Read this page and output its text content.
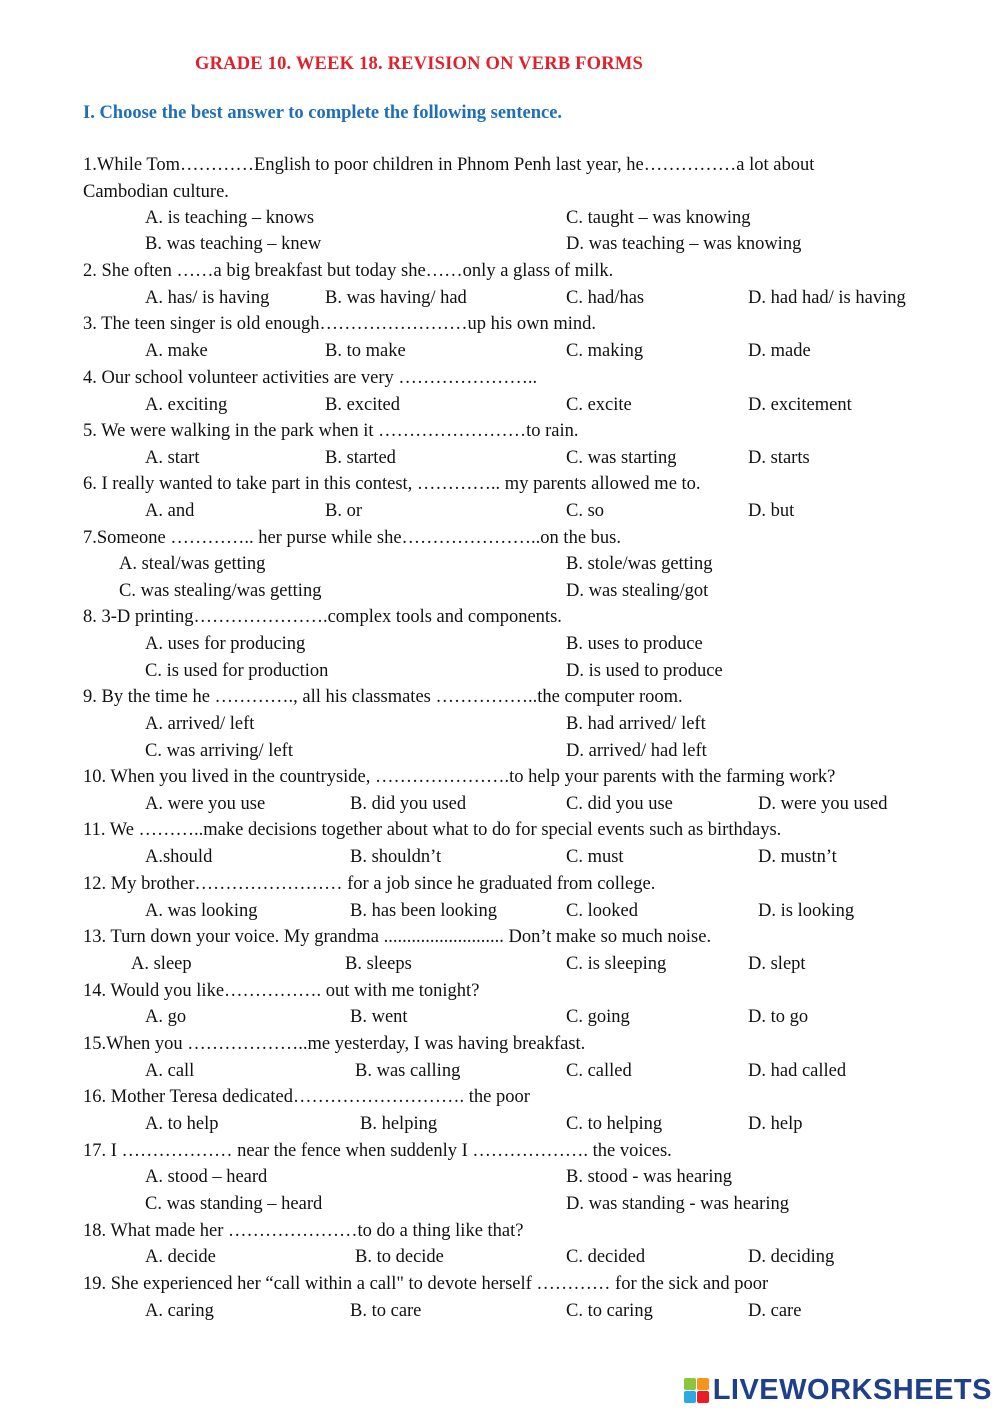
GRADE 10. WEEK 18. REVISION ON VERB FORMS
I. Choose the best answer to complete the following sentence.
1.While Tom…………English to poor children in Phnom Penh last year, he……………a lot about
Cambodian culture.
A. is teaching – knows	C. taught – was knowing
B. was teaching – knew	D. was teaching – was knowing
2. She often ……a big breakfast but today she……only a glass of milk.
A. has/ is having	B. was having/ had	C. had/has	D. had had/ is having
3. The teen singer is old enough……………………up his own mind.
A. make	B. to make	C. making	D. made
4. Our school volunteer activities are very …………………..
A. exciting	B. excited	C. excite	D. excitement
5. We were walking in the park when it ……………………to rain.
A. start	B. started	C. was starting	D. starts
6. I really wanted to take part in this contest, ………….. my parents allowed me to.
A. and	B. or	C. so	D. but
7.Someone ………….. her purse while she…………………..on the bus.
A. steal/was getting	B. stole/was getting
C. was stealing/was getting	D. was stealing/got
8. 3-D printing………………….complex tools and components.
A. uses for producing	B. uses to produce
C. is used for production	D. is used to produce
9. By the time he …………., all his classmates ……………..the computer room.
A. arrived/ left	B. had arrived/ left
C. was arriving/ left	D. arrived/ had left
10. When you lived in the countryside, ………………….to help your parents with the farming work?
A. were you use	B. did you used	C. did you use	D. were you used
11. We ………..make decisions together about what to do for special events such as birthdays.
A.should	B. shouldn’t	C. must	D. mustn’t
12. My brother…………………… for a job since he graduated from college.
A. was looking	B. has been looking	C. looked	D. is looking
13. Turn down your voice. My grandma .......................... Don’t make so much noise.
A. sleep	B. sleeps	C. is sleeping	D. slept
14. Would you like……………. out with me tonight?
A. go	B. went	C. going	D. to go
15.When you ………………..me yesterday, I was having breakfast.
A. call	B. was calling	C. called	D. had called
16. Mother Teresa dedicated………………………. the poor
A. to help	B. helping	C. to helping	D. help
17. I ……………… near the fence when suddenly I ………………. the voices.
A. stood – heard	B. stood - was hearing
C. was standing – heard	D. was standing - was hearing
18. What made her …………………to do a thing like that?
A. decide	B. to decide	C. decided	D. deciding
19. She experienced her “call within a call" to devote herself ………… for the sick and poor
A. caring	B. to care	C. to caring	D. care
LIVEWORKSHEETS
